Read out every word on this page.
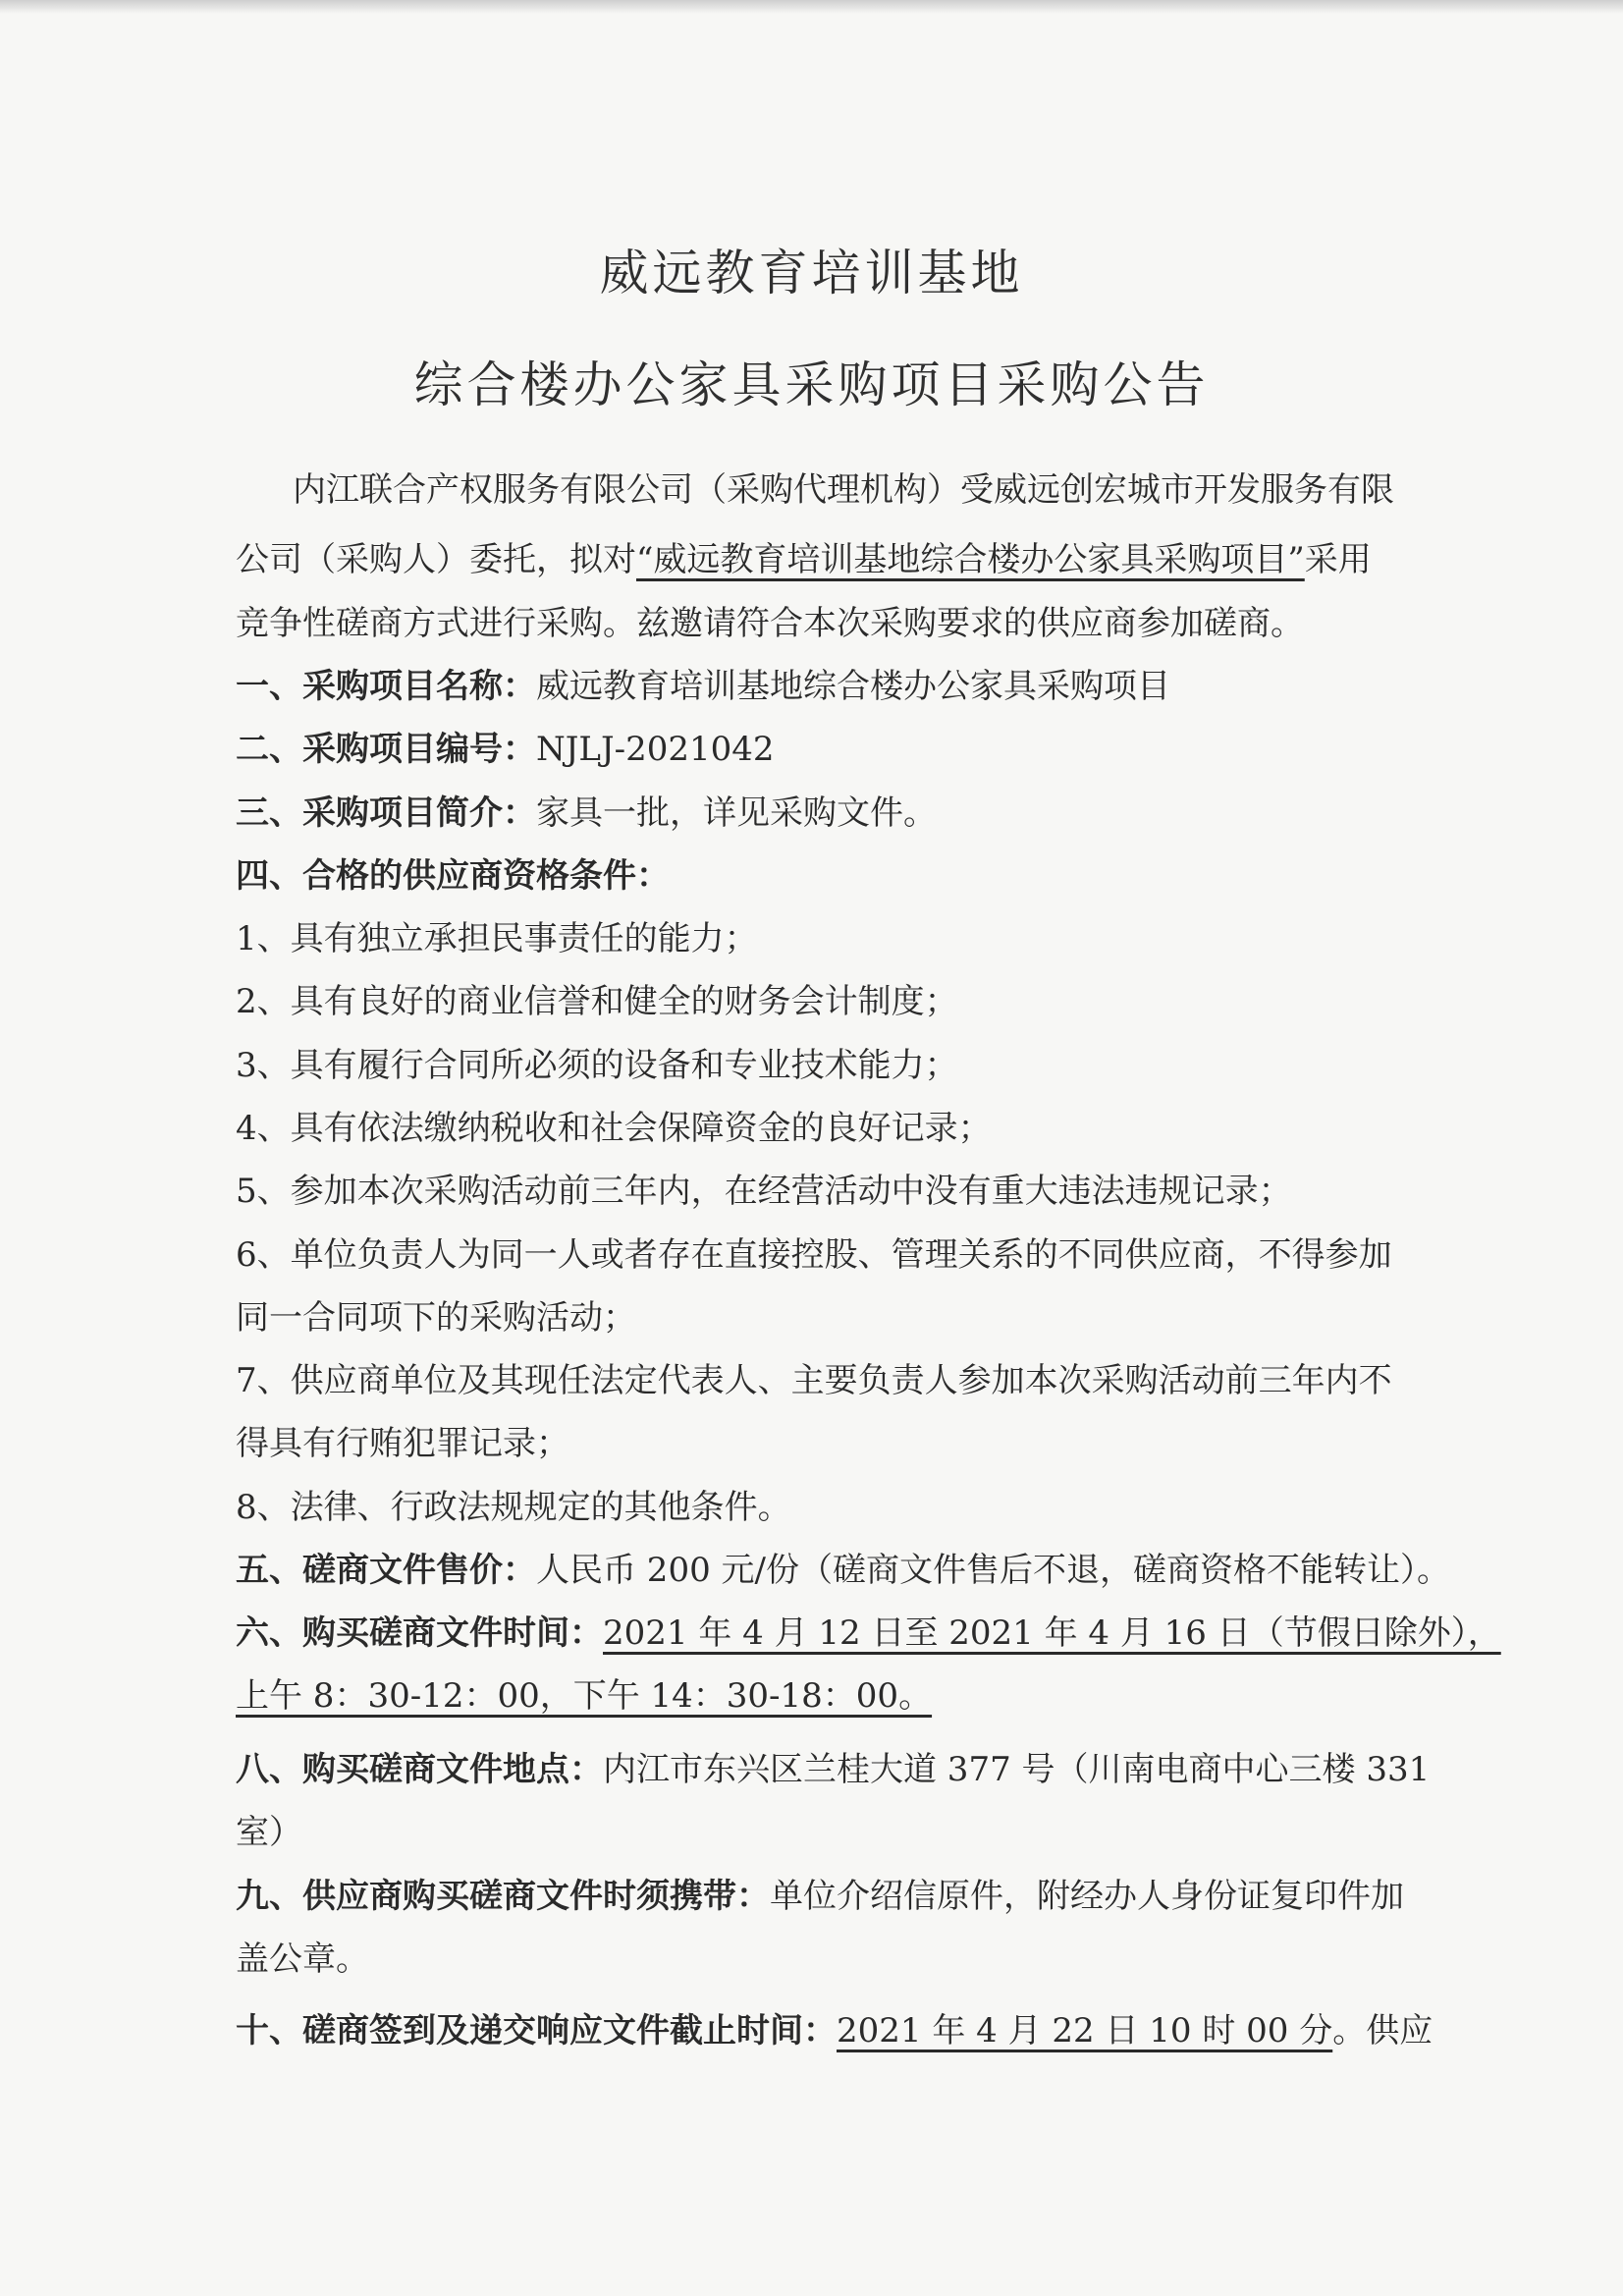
威远教育培训基地
综合楼办公家具采购项目采购公告
内江联合产权服务有限公司（采购代理机构）受威远创宏城市开发服务有限
公司（采购人）委托，拟对“威远教育培训基地综合楼办公家具采购项目”采用
竞争性磋商方式进行采购。兹邀请符合本次采购要求的供应商参加磋商。
一、采购项目名称：威远教育培训基地综合楼办公家具采购项目
二、采购项目编号：NJLJ-2021042
三、采购项目简介：家具一批，详见采购文件。
四、合格的供应商资格条件：
1、具有独立承担民事责任的能力；
2、具有良好的商业信誉和健全的财务会计制度；
3、具有履行合同所必须的设备和专业技术能力；
4、具有依法缴纳税收和社会保障资金的良好记录；
5、参加本次采购活动前三年内，在经营活动中没有重大违法违规记录；
6、单位负责人为同一人或者存在直接控股、管理关系的不同供应商，不得参加
同一合同项下的采购活动；
7、供应商单位及其现任法定代表人、主要负责人参加本次采购活动前三年内不
得具有行贿犯罪记录；
8、法律、行政法规规定的其他条件。
五、磋商文件售价：人民币 200 元/份（磋商文件售后不退，磋商资格不能转让）。
六、购买磋商文件时间：2021 年 4 月 12 日至 2021 年 4 月 16 日（节假日除外），
上午 8：30-12：00，下午 14：30-18：00。
八、购买磋商文件地点：内江市东兴区兰桂大道 377 号（川南电商中心三楼 331
室）
九、供应商购买磋商文件时须携带：单位介绍信原件，附经办人身份证复印件加
盖公章。
十、磋商签到及递交响应文件截止时间：2021 年 4 月 22 日 10 时 00 分。供应
